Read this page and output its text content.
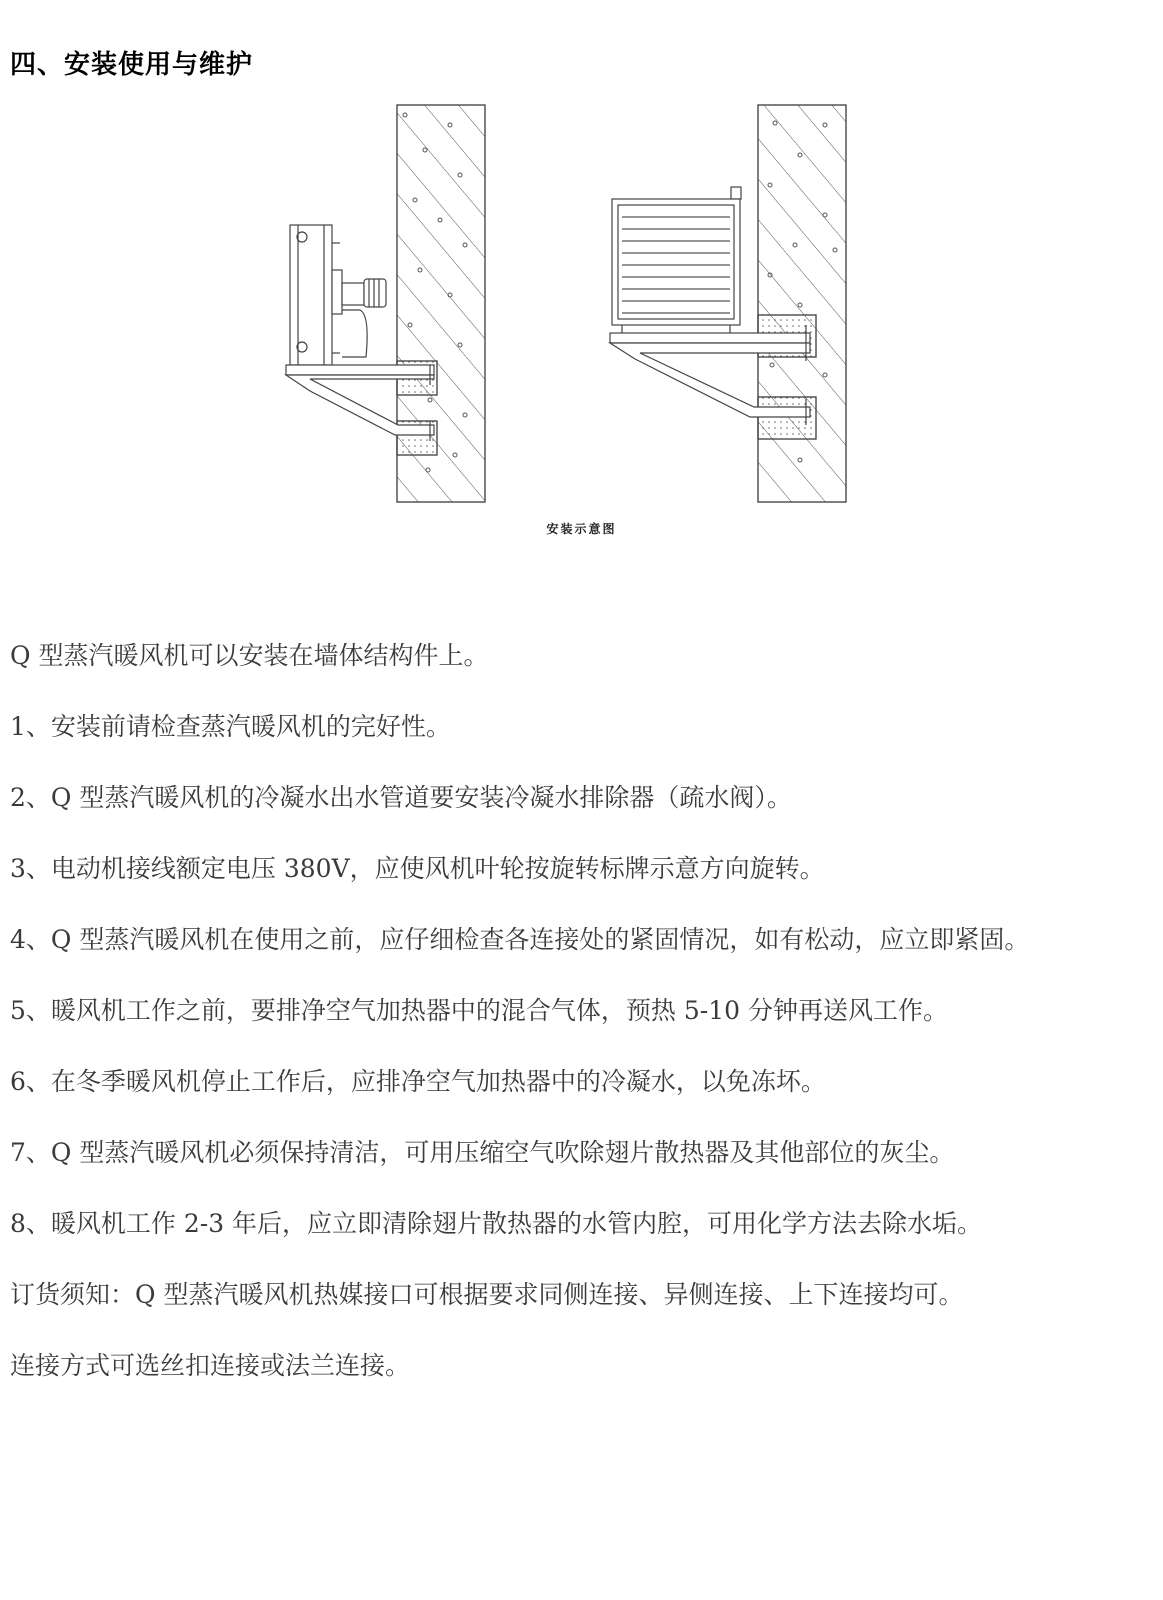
四、安装使用与维护
安装示意图

Q 型蒸汽暖风机可以安装在墙体结构件上。

1、安装前请检查蒸汽暖风机的完好性。

2、Q 型蒸汽暖风机的冷凝水出水管道要安装冷凝水排除器（疏水阀）。

3、电动机接线额定电压 380V，应使风机叶轮按旋转标牌示意方向旋转。

4、Q 型蒸汽暖风机在使用之前，应仔细检查各连接处的紧固情况，如有松动，应立即紧固。

5、暖风机工作之前，要排净空气加热器中的混合气体，预热 5-10 分钟再送风工作。

6、在冬季暖风机停止工作后，应排净空气加热器中的冷凝水，以免冻坏。

7、Q 型蒸汽暖风机必须保持清洁，可用压缩空气吹除翅片散热器及其他部位的灰尘。

8、暖风机工作 2-3 年后，应立即清除翅片散热器的水管内腔，可用化学方法去除水垢。

订货须知：Q 型蒸汽暖风机热媒接口可根据要求同侧连接、异侧连接、上下连接均可。

连接方式可选丝扣连接或法兰连接。
